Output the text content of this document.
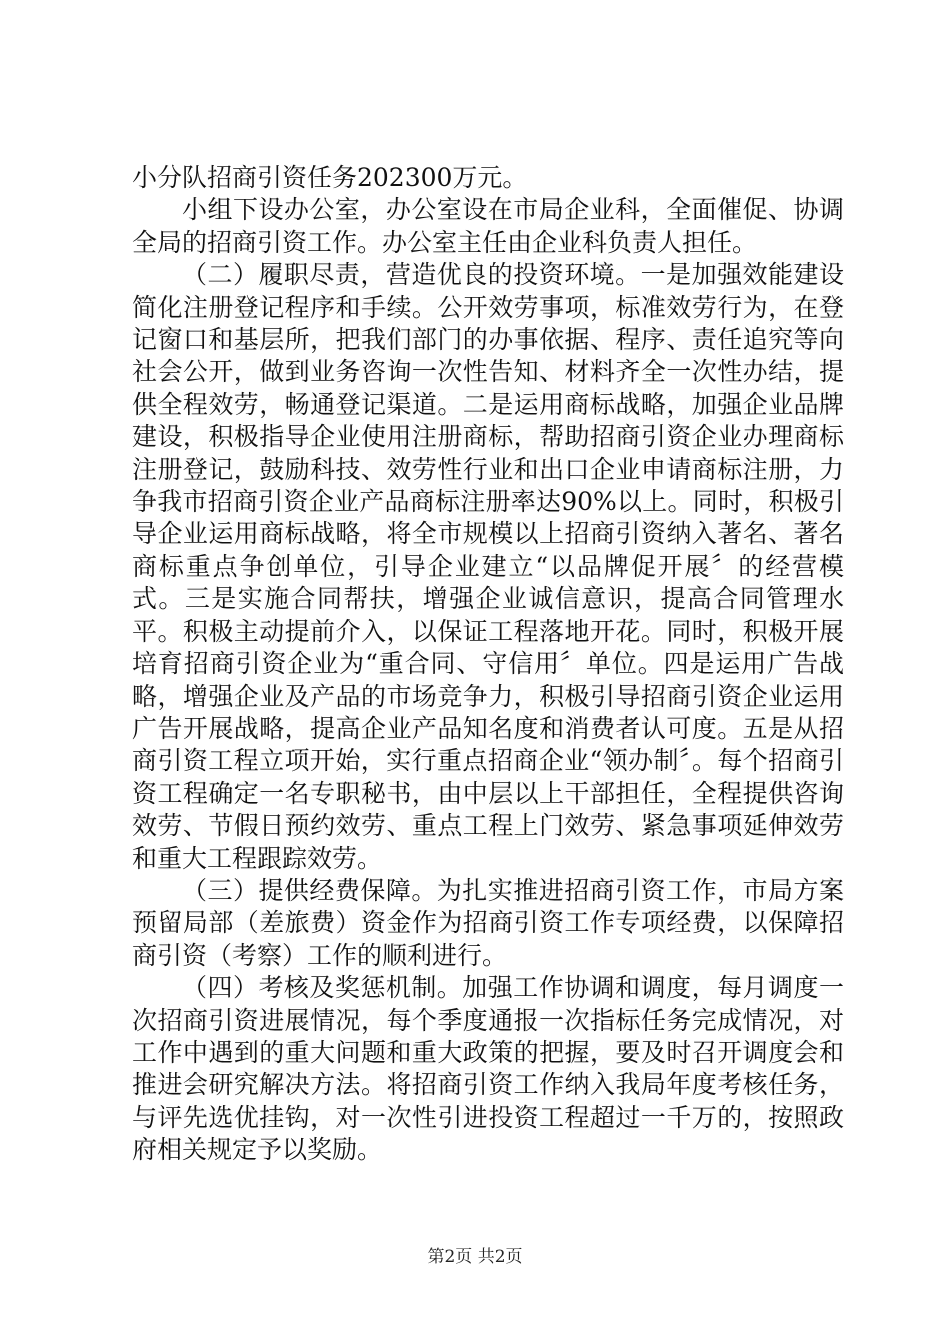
小分队招商引资任务202300万元。

小组下设办公室，办公室设在市局企业科，全面催促、协调全局的招商引资工作。办公室主任由企业科负责人担任。

（二）履职尽责，营造优良的投资环境。一是加强效能建设简化注册登记程序和手续。公开效劳事项，标准效劳行为，在登记窗口和基层所，把我们部门的办事依据、程序、责任追究等向社会公开，做到业务咨询一次性告知、材料齐全一次性办结，提供全程效劳，畅通登记渠道。二是运用商标战略，加强企业品牌建设，积极指导企业使用注册商标，帮助招商引资企业办理商标注册登记，鼓励科技、效劳性行业和出口企业申请商标注册，力争我市招商引资企业产品商标注册率达90%以上。同时，积极引导企业运用商标战略，将全市规模以上招商引资纳入著名、著名商标重点争创单位，引导企业建立“以品牌促开展〞的经营模式。三是实施合同帮扶，增强企业诚信意识，提高合同管理水平。积极主动提前介入，以保证工程落地开花。同时，积极开展培育招商引资企业为“重合同、守信用〞单位。四是运用广告战略，增强企业及产品的市场竞争力，积极引导招商引资企业运用广告开展战略，提高企业产品知名度和消费者认可度。五是从招商引资工程立项开始，实行重点招商企业“领办制〞。每个招商引资工程确定一名专职秘书，由中层以上干部担任，全程提供咨询效劳、节假日预约效劳、重点工程上门效劳、紧急事项延伸效劳和重大工程跟踪效劳。

（三）提供经费保障。为扎实推进招商引资工作，市局方案预留局部（差旅费）资金作为招商引资工作专项经费，以保障招商引资（考察）工作的顺利进行。

（四）考核及奖惩机制。加强工作协调和调度，每月调度一次招商引资进展情况，每个季度通报一次指标任务完成情况，对工作中遇到的重大问题和重大政策的把握，要及时召开调度会和推进会研究解决方法。将招商引资工作纳入我局年度考核任务，与评先选优挂钩，对一次性引进投资工程超过一千万的，按照政府相关规定予以奖励。

第2页 共2页
